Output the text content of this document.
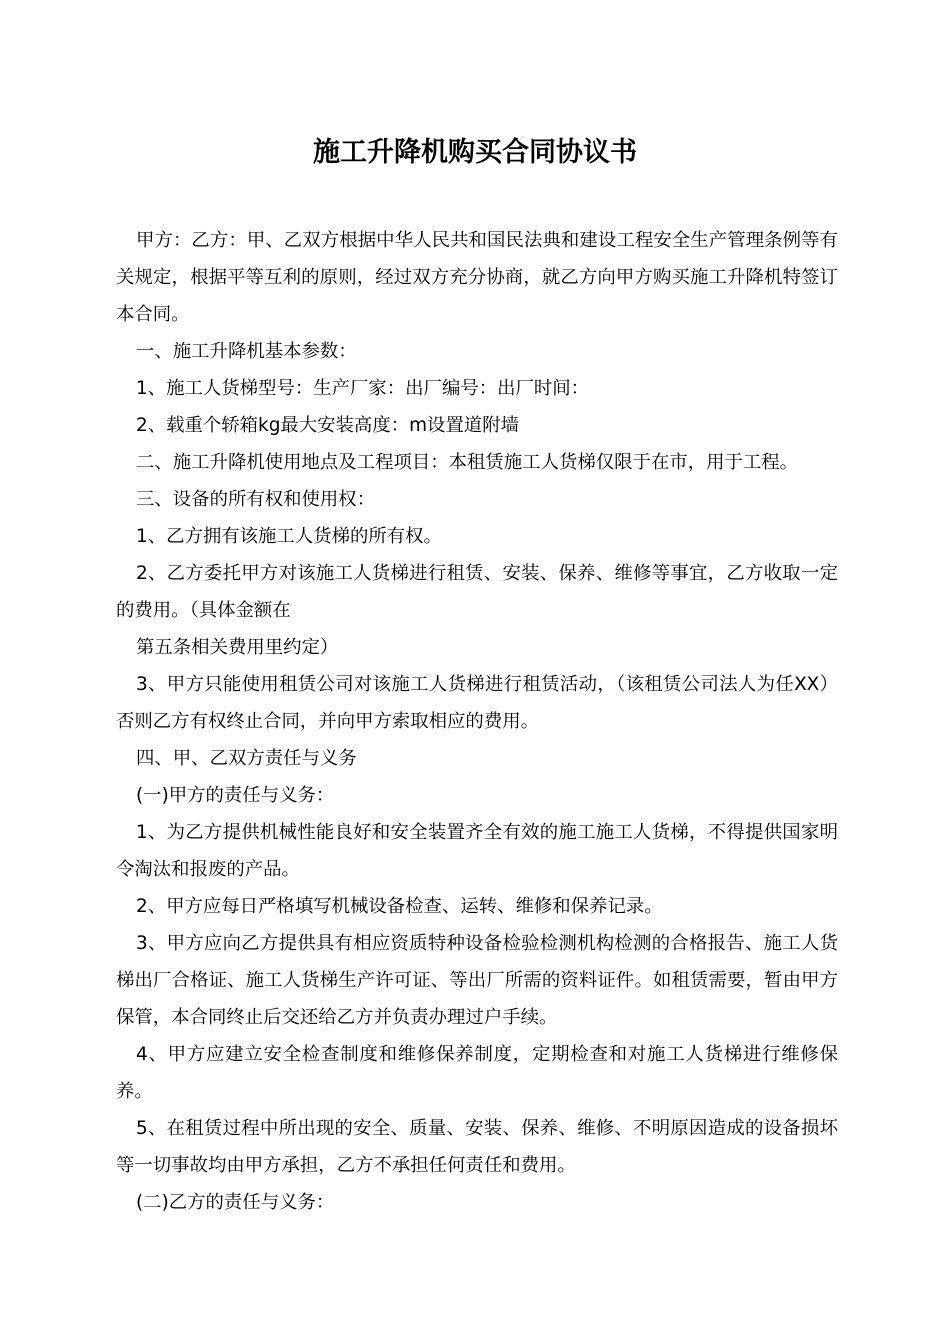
施工升降机购买合同协议书

甲方：乙方：甲、乙双方根据中华人民共和国民法典和建设工程安全生产管理条例等有关规定，根据平等互利的原则，经过双方充分协商，就乙方向甲方购买施工升降机特签订本合同。

一、施工升降机基本参数：

1、施工人货梯型号：生产厂家：出厂编号：出厂时间：

2、载重个轿箱kg最大安装高度：m设置道附墙

二、施工升降机使用地点及工程项目：本租赁施工人货梯仅限于在市，用于工程。

三、设备的所有权和使用权：

1、乙方拥有该施工人货梯的所有权。

2、乙方委托甲方对该施工人货梯进行租赁、安装、保养、维修等事宜，乙方收取一定的费用。（具体金额在

第五条相关费用里约定）

3、甲方只能使用租赁公司对该施工人货梯进行租赁活动，（该租赁公司法人为任XX）否则乙方有权终止合同，并向甲方索取相应的费用。

四、甲、乙双方责任与义务

(一)甲方的责任与义务：

1、为乙方提供机械性能良好和安全装置齐全有效的施工施工人货梯，不得提供国家明令淘汰和报废的产品。

2、甲方应每日严格填写机械设备检查、运转、维修和保养记录。

3、甲方应向乙方提供具有相应资质特种设备检验检测机构检测的合格报告、施工人货梯出厂合格证、施工人货梯生产许可证、等出厂所需的资料证件。如租赁需要，暂由甲方保管，本合同终止后交还给乙方并负责办理过户手续。

4、甲方应建立安全检查制度和维修保养制度，定期检查和对施工人货梯进行维修保养。

5、在租赁过程中所出现的安全、质量、安装、保养、维修、不明原因造成的设备损坏等一切事故均由甲方承担，乙方不承担任何责任和费用。

(二)乙方的责任与义务：
